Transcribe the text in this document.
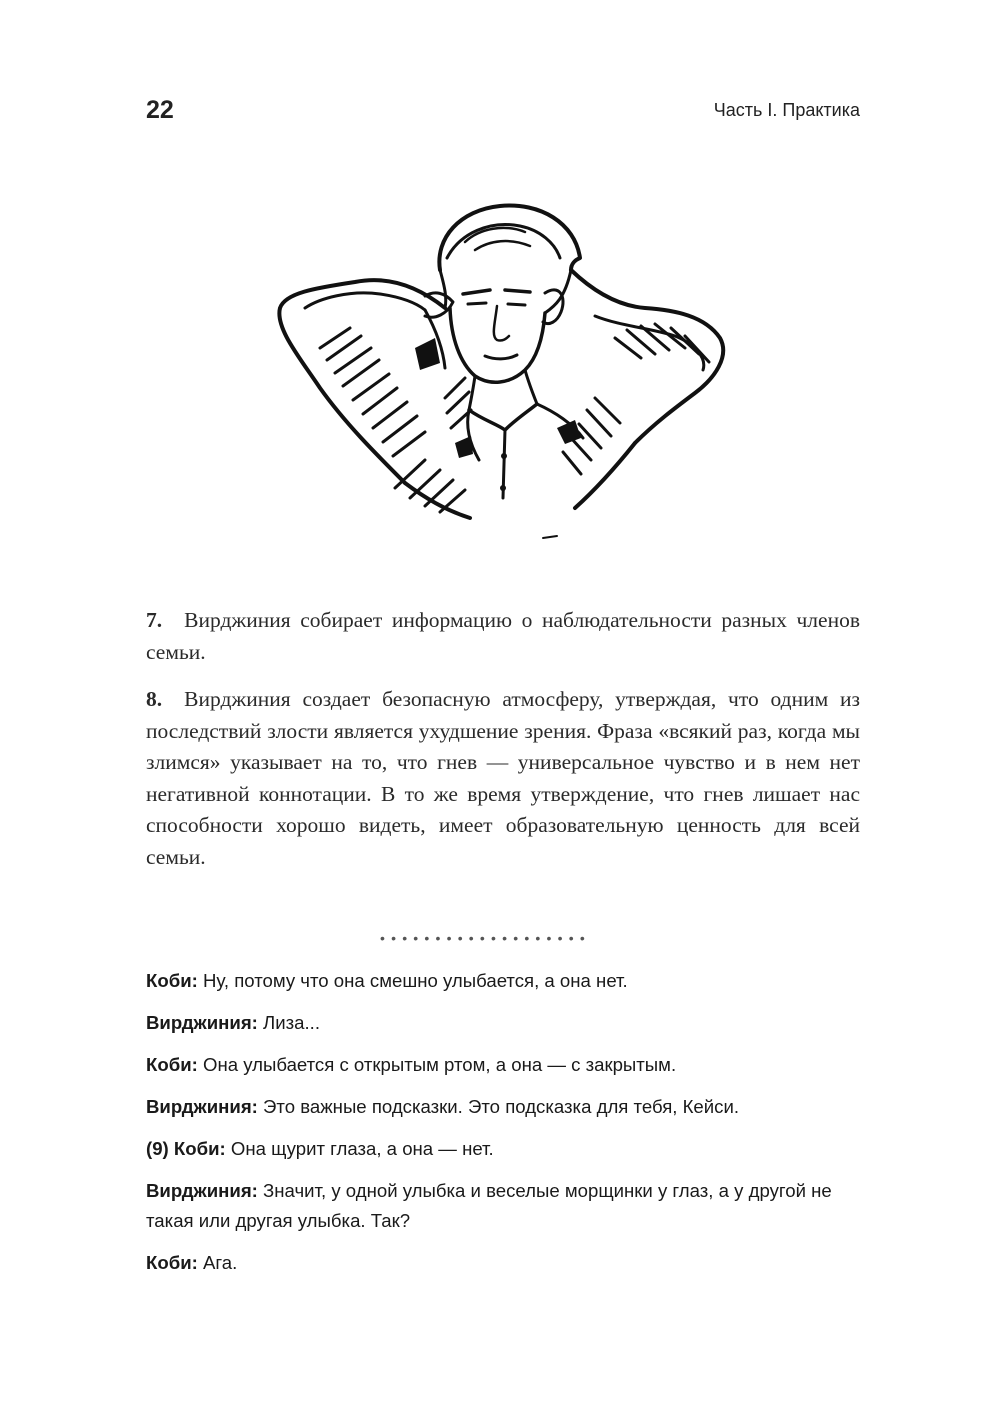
22	Часть I. Практика

7. Вирджиния собирает информацию о наблюдательности разных членов семьи.

8. Вирджиния создает безопасную атмосферу, утверждая, что одним из последствий злости является ухудшение зрения. Фраза «всякий раз, когда мы злимся» указывает на то, что гнев — универсальное чувство и в нем нет негативной коннотации. В то же время утверждение, что гнев лишает нас способности хорошо видеть, имеет образовательную ценность для всей семьи.

•••••••••••••••••••

Коби: Ну, потому что она смешно улыбается, а она нет.

Вирджиния: Лиза...

Коби: Она улыбается с открытым ртом, а она — с закрытым.

Вирджиния: Это важные подсказки. Это подсказка для тебя, Кейси.

(9) Коби: Она щурит глаза, а она — нет.

Вирджиния: Значит, у одной улыбка и веселые морщинки у глаз, а у другой не такая или другая улыбка. Так?

Коби: Ага.
